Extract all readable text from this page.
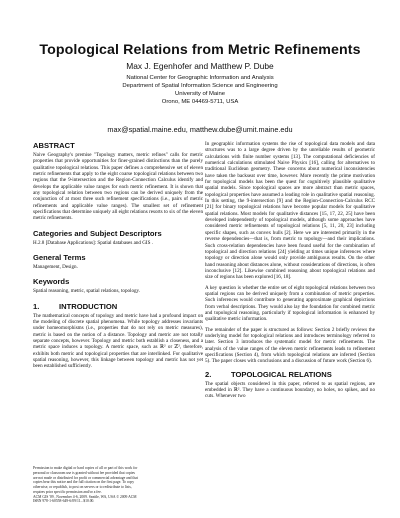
Topological Relations from Metric Refinements
Max J. Egenhofer and Matthew P. Dube
National Center for Geographic Information and Analysis
Department of Spatial Information Science and Engineering
University of Maine
Orono, ME 04469-5711, USA
max@spatial.maine.edu, matthew.dube@umit.maine.edu
ABSTRACT

Naive Geography's premise "Topology matters, metric refines" calls for metric properties that provide opportunities for finer-grained distinctions than the purely qualitative topological relations. This paper defines a comprehensive set of eleven metric refinements that apply to the eight coarse topological relations between two regions that the 9-intersection and the Region-Connection Calculus identify and develops the applicable value ranges for each metric refinement. It is shown that any topological relation between two regions can be derived uniquely from the conjunction of at most three such refinement specifications (i.e., pairs of metric refinements and applicable value ranges). The smallest set of refinement specifications that determine uniquely all eight relations resorts to six of the eleven metric refinements.

Categories and Subject Descriptors

H.2.8 [Database Applications]: Spatial databases and GIS .

General Terms

Management, Design.

Keywords

Spatial reasoning, metric, spatial relations, topology.

1.	INTRODUCTION

The mathematical concepts of topology and metric have had a profound impact on the modeling of discrete spatial phenomena. While topology addresses invariants under homeomorphisms (i.e., properties that do not rely on metric measures), metric is based on the notion of a distance. Topology and metric are not totally separate concepts, however. Topology and metric both establish a closeness, and a metric space induces a topology. A metric space, such as ℝ² or ℤ², therefore, exhibits both metric and topological properties that are interlinked. For qualitative spatial reasoning, however, this linkage between topology and metric has not yet been established sufficiently.

In geographic information systems the rise of topological data models and data structures was to a large degree driven by the unreliable results of geometric calculations with finite number systems [13]. The computational deficiencies of numerical calculations stimulated Naive Physics [16], calling for alternatives to traditional Euclidean geometry. These concerns about numerical inconsistencies have taken the backseat over time, however. More recently the prime motivation for topological models has been the quest for cognitively plausible qualitative spatial models. Since topological spaces are more abstract than metric spaces, topological properties have assumed a leading role in qualitative spatial reasoning. In this setting, the 9-intersection [9] and the Region-Connection-Calculus RCC [21] for binary topological relations have become popular models for qualitative spatial relations. Most models for qualitative distances [15, 17, 22, 25] have been developed independently of topological models, although some approaches have considered metric refinements of topological relations [5, 11, 20, 23] including specific shapes, such as convex hulls [2]. Here we are interested primarily in the reverse dependencies—that is, from metric to topology—and their implications. Such cross-relation dependencies have been found useful for the combination of topological and direction relations [24] yielding at times unique inferences where topology or direction alone would only provide ambiguous results. On the other hand reasoning about distances alone, without considerations of directions, is often inconclusive [12]. Likewise combined reasoning about topological relations and size of regions has been explored [16, 18].

A key question is whether the entire set of eight topological relations between two spatial regions can be derived uniquely from a combination of metric properties. Such inferences would contribute to generating approximate graphical depictions from verbal descriptions. They would also lay the foundation for combined metric and topological reasoning, particularly if topological information is enhanced by qualitative metric information.

The remainder of the paper is structured as follows: Section 2 briefly reviews the underlying model for topological relations and introduces terminology referred to later. Section 3 introduces the systematic model for metric refinements. The analysis of the value ranges of the eleven metric refinements leads to refinement specifications (Section 4), from which topological relations are inferred (Section 5). The paper closes with conclusions and a discussion of future work (Section 6).

2.	TOPOLOGICAL RELATIONS

The spatial objects considered in this paper, referred to as spatial regions, are embedded in ℝ². They have a continuous boundary, no holes, no spikes, and no cuts. Whenever two

Permission to make digital or hard copies of all or part of this work for
personal or classroom use is granted without fee provided that copies
are not made or distributed for profit or commercial advantage and that
copies bear this notice and the full citation on the first page. To copy
otherwise, or republish, to post on servers or to redistribute to lists,
requires prior specific permission and/or a fee.
ACM GIS '09 , November 4-6, 2009. Seattle, WA, USA © 2009 ACM
ISBN 978-1-60558-649-6/09/11...$10.00.
